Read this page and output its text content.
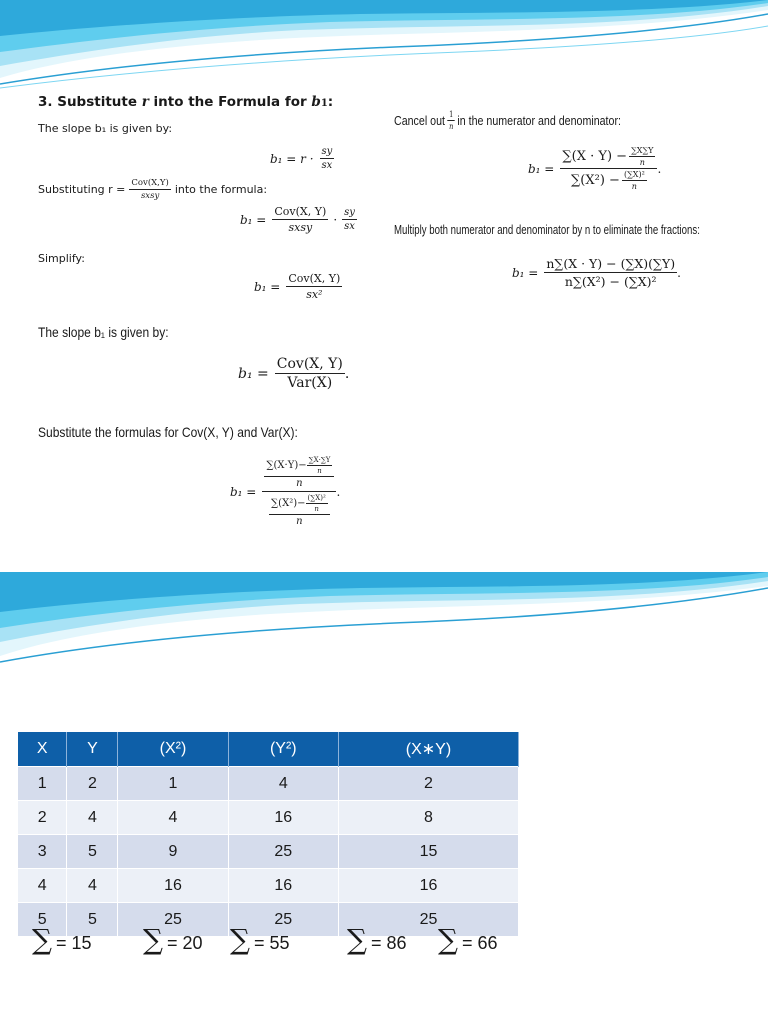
3. Substitute r into the Formula for b1:
The slope b₁ is given by:
$b_1 = r \cdot \frac{sy}{sx}$
Substituting $r = \frac{\text{Cov(X,Y)}}{\text{sxsy}}$ into the formula:
$b_1 = \frac{\text{Cov(X, Y)}}{\text{sxsy}} \cdot \frac{sy}{sx}$
Simplify:
$b_1 = \frac{\text{Cov(X, Y)}}{\text{sx²}}$
The slope b₁ is given by:
$b_1 = \frac{\text{Cov(X, Y)}}{\text{Var(X)}}$ .
Substitute the formulas for Cov(X, Y) and Var(X):
$b_1 = \frac{\frac{\sum(X\cdot Y)- \frac{\sum X\cdot\sum Y}{n}}{n}}{\frac{\sum(X^2)- \frac{\text{(∑X)²}}{n}}{n}}$ .
Cancel out $\frac{1}{n}$ in the numerator and denominator:
$b_1 = \frac{\sum(X \cdot Y) - \frac{\sum X\sum Y}{n}}{\sum(X^2) - \frac{\text{(∑X)²}}{n}}$ .
Multiply both numerator and denominator by n to eliminate the fractions:
$b_1 = \frac{n\sum(X \cdot Y) - (\sum X)(\sum Y)}{\text{n∑(X²) − (∑X)²}}$ .
X	Y	(X²)	(Y²)	(X∗Y)
1	2	1	4	2
2	4	4	16	8
3	5	9	25	15
4	4	16	16	16
5	5	25	25	25
∑ = 15 ∑ = 20 ∑ = 55 ∑ = 86 ∑ = 66
